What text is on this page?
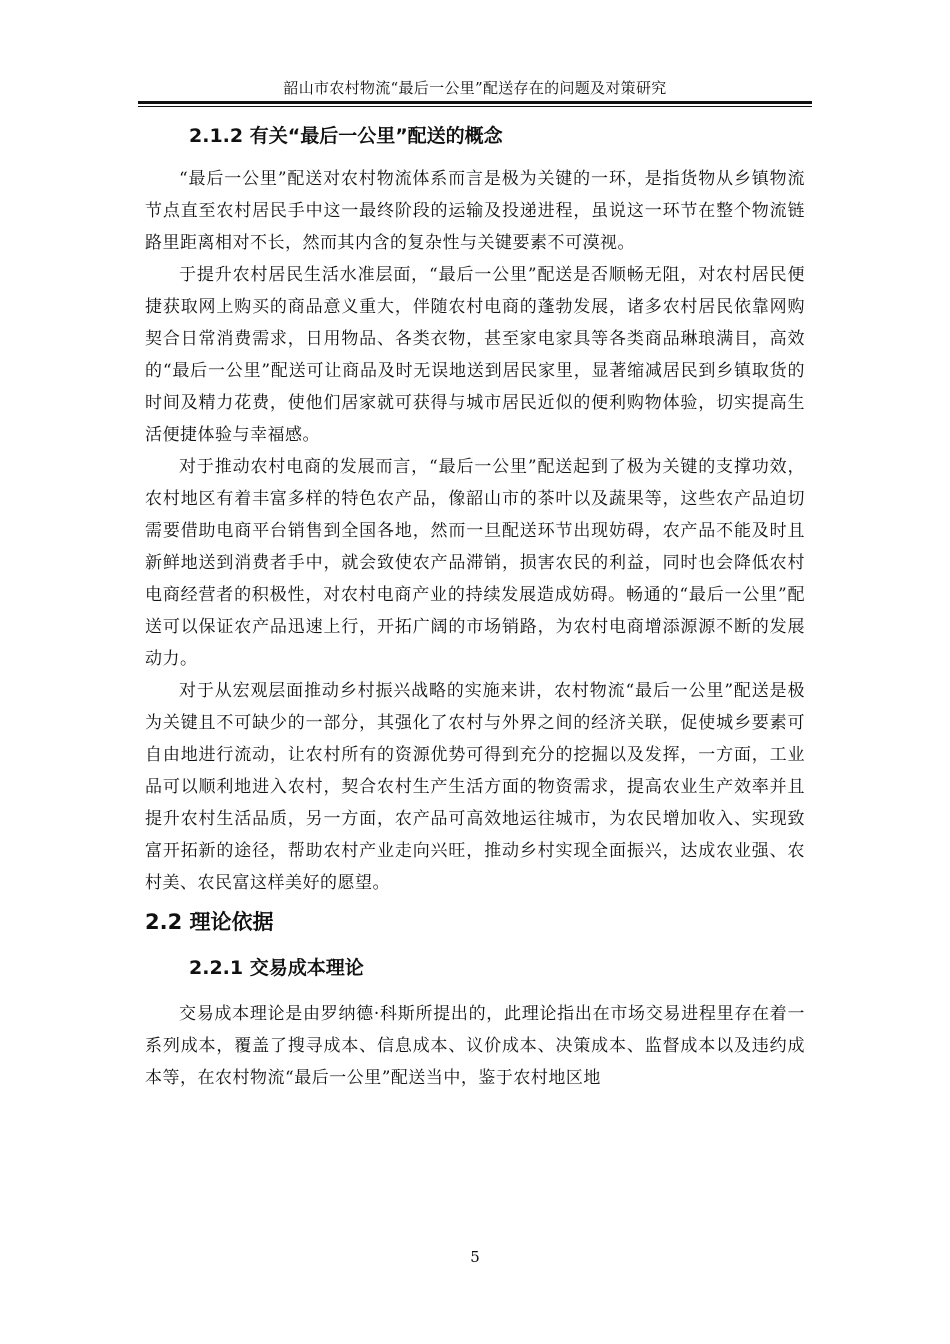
韶山市农村物流“最后一公里”配送存在的问题及对策研究
2.1.2 有关“最后一公里”配送的概念

“最后一公里”配送对农村物流体系而言是极为关键的一环，是指货物从乡镇物流节点直至农村居民手中这一最终阶段的运输及投递进程，虽说这一环节在整个物流链路里距离相对不长，然而其内含的复杂性与关键要素不可漠视。

于提升农村居民生活水准层面，“最后一公里”配送是否顺畅无阻，对农村居民便捷获取网上购买的商品意义重大，伴随农村电商的蓬勃发展，诸多农村居民依靠网购契合日常消费需求，日用物品、各类衣物，甚至家电家具等各类商品琳琅满目，高效的“最后一公里”配送可让商品及时无误地送到居民家里，显著缩减居民到乡镇取货的时间及精力花费，使他们居家就可获得与城市居民近似的便利购物体验，切实提高生活便捷体验与幸福感。

对于推动农村电商的发展而言，“最后一公里”配送起到了极为关键的支撑功效，农村地区有着丰富多样的特色农产品，像韶山市的茶叶以及蔬果等，这些农产品迫切需要借助电商平台销售到全国各地，然而一旦配送环节出现妨碍，农产品不能及时且新鲜地送到消费者手中，就会致使农产品滞销，损害农民的利益，同时也会降低农村电商经营者的积极性，对农村电商产业的持续发展造成妨碍。畅通的“最后一公里”配送可以保证农产品迅速上行，开拓广阔的市场销路，为农村电商增添源源不断的发展动力。

对于从宏观层面推动乡村振兴战略的实施来讲，农村物流“最后一公里”配送是极为关键且不可缺少的一部分，其强化了农村与外界之间的经济关联，促使城乡要素可自由地进行流动，让农村所有的资源优势可得到充分的挖掘以及发挥，一方面，工业品可以顺利地进入农村，契合农村生产生活方面的物资需求，提高农业生产效率并且提升农村生活品质，另一方面，农产品可高效地运往城市，为农民增加收入、实现致富开拓新的途径，帮助农村产业走向兴旺，推动乡村实现全面振兴，达成农业强、农村美、农民富这样美好的愿望。

2.2 理论依据
2.2.1 交易成本理论

交易成本理论是由罗纳德·科斯所提出的，此理论指出在市场交易进程里存在着一系列成本，覆盖了搜寻成本、信息成本、议价成本、决策成本、监督成本以及违约成本等，在农村物流“最后一公里”配送当中，鉴于农村地区地

5
